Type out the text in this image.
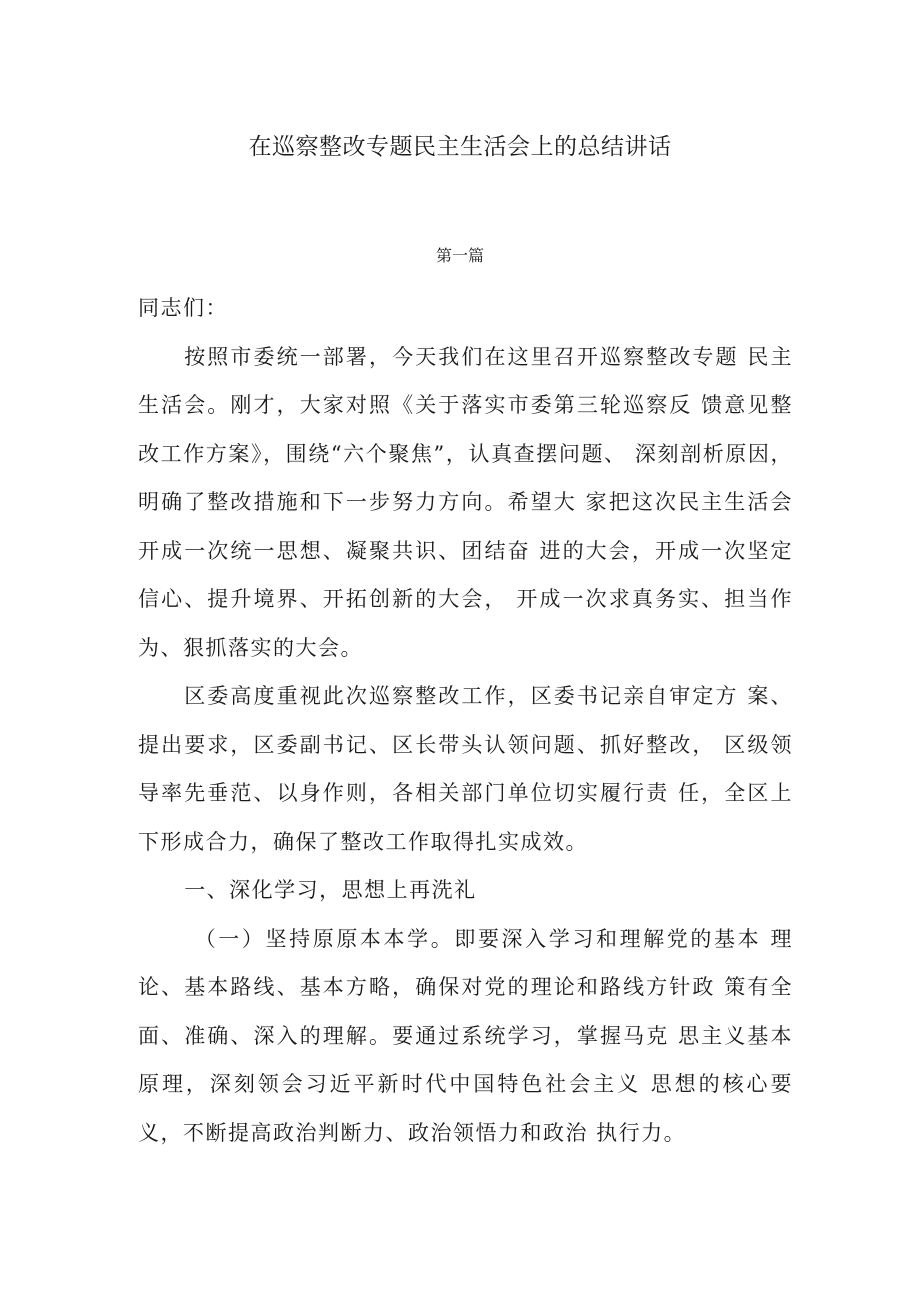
在巡察整改专题民主生活会上的总结讲话
第一篇

同志们：

按照市委统一部署，今天我们在这里召开巡察整改专题 民主生活会。刚才，大家对照《关于落实市委第三轮巡察反 馈意见整改工作方案》，围绕“六个聚焦”，认真查摆问题、 深刻剖析原因，明确了整改措施和下一步努力方向。希望大 家把这次民主生活会开成一次统一思想、凝聚共识、团结奋 进的大会，开成一次坚定信心、提升境界、开拓创新的大会， 开成一次求真务实、担当作为、狠抓落实的大会。

区委高度重视此次巡察整改工作，区委书记亲自审定方 案、提出要求，区委副书记、区长带头认领问题、抓好整改， 区级领导率先垂范、以身作则，各相关部门单位切实履行责 任，全区上下形成合力，确保了整改工作取得扎实成效。

一、深化学习，思想上再洗礼

（一）坚持原原本本学。即要深入学习和理解党的基本 理论、基本路线、基本方略，确保对党的理论和路线方针政 策有全面、准确、深入的理解。要通过系统学习，掌握马克 思主义基本原理，深刻领会习近平新时代中国特色社会主义 思想的核心要义，不断提高政治判断力、政治领悟力和政治 执行力。
